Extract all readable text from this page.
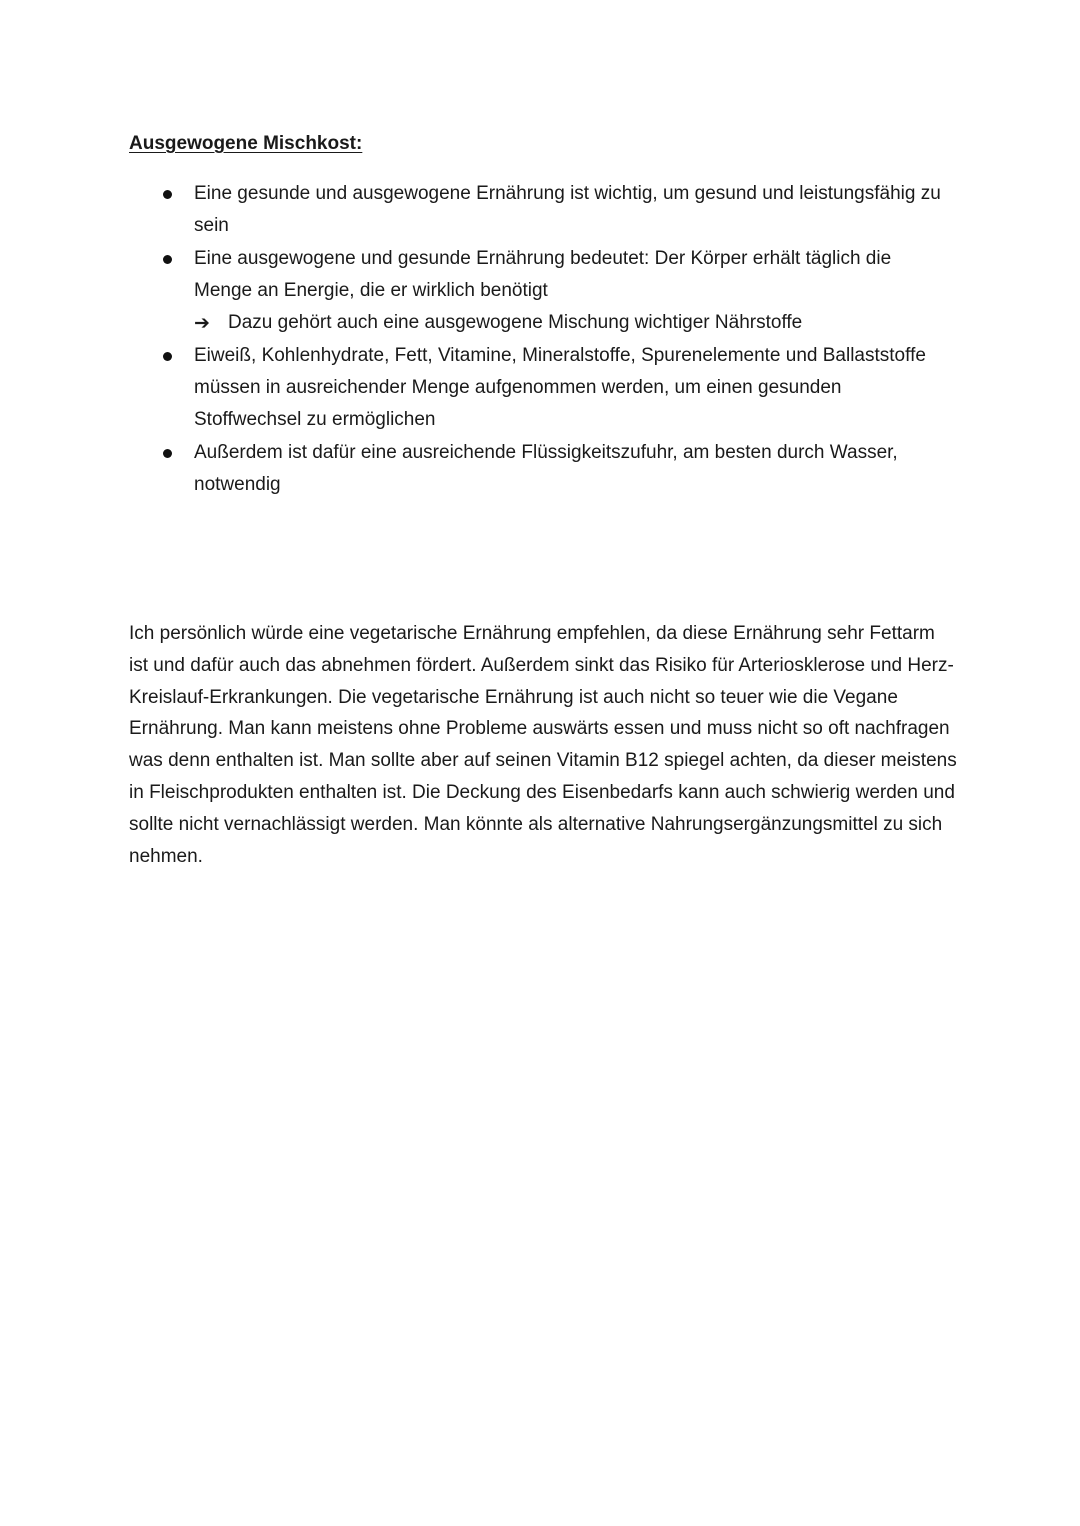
Ausgewogene Mischkost:
Eine gesunde und ausgewogene Ernährung ist wichtig, um gesund und leistungsfähig zu sein
Eine ausgewogene und gesunde Ernährung bedeutet: Der Körper erhält täglich die Menge an Energie, die er wirklich benötigt
➔ Dazu gehört auch eine ausgewogene Mischung wichtiger Nährstoffe
Eiweiß, Kohlenhydrate, Fett, Vitamine, Mineralstoffe, Spurenelemente und Ballaststoffe müssen in ausreichender Menge aufgenommen werden, um einen gesunden Stoffwechsel zu ermöglichen
Außerdem ist dafür eine ausreichende Flüssigkeitszufuhr, am besten durch Wasser, notwendig

Ich persönlich würde eine vegetarische Ernährung empfehlen, da diese Ernährung sehr Fettarm ist und dafür auch das abnehmen fördert. Außerdem sinkt das Risiko für Arteriosklerose und Herz-Kreislauf-Erkrankungen. Die vegetarische Ernährung ist auch nicht so teuer wie die Vegane Ernährung. Man kann meistens ohne Probleme auswärts essen und muss nicht so oft nachfragen was denn enthalten ist. Man sollte aber auf seinen Vitamin B12 spiegel achten, da dieser meistens in Fleischprodukten enthalten ist. Die Deckung des Eisenbedarfs kann auch schwierig werden und sollte nicht vernachlässigt werden. Man könnte als alternative Nahrungsergänzungsmittel zu sich nehmen.
